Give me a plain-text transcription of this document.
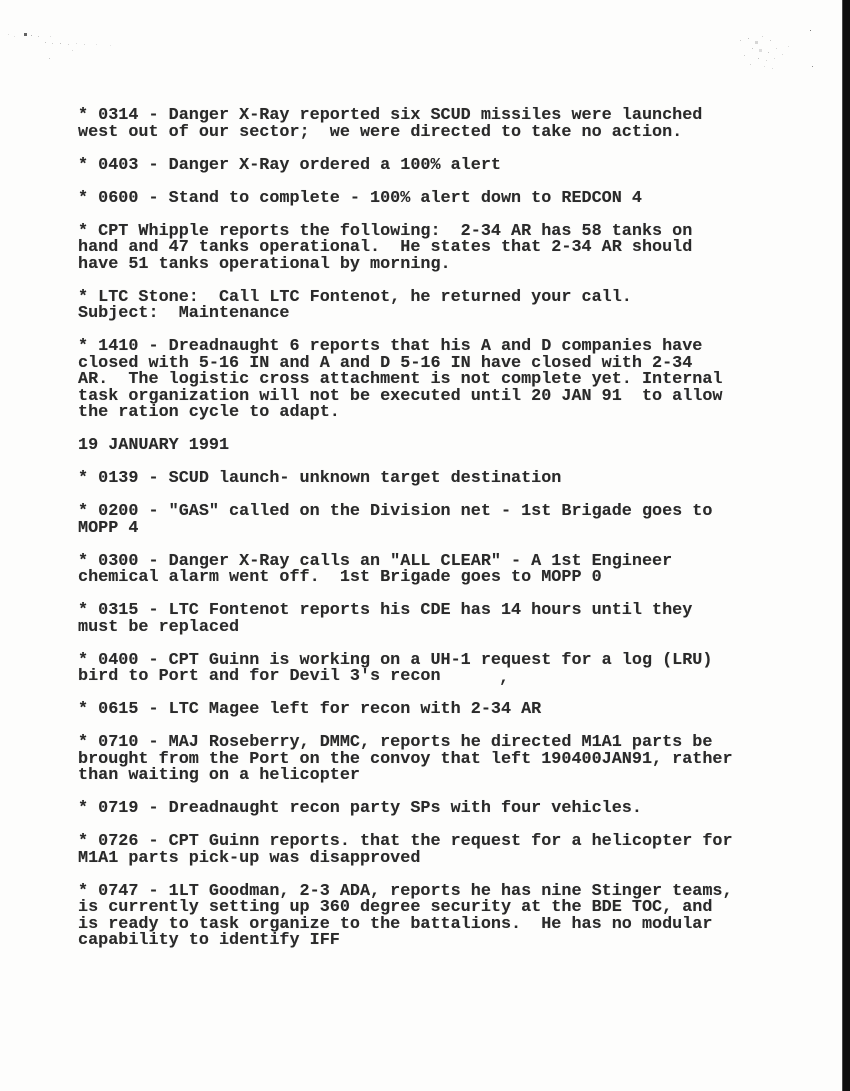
* 0314 - Danger X-Ray reported six SCUD missiles were launched
west out of our sector;  we were directed to take no action.
* 0403 - Danger X-Ray ordered a 100% alert
* 0600 - Stand to complete - 100% alert down to REDCON 4
* CPT Whipple reports the following:  2-34 AR has 58 tanks on
hand and 47 tanks operational.  He states that 2-34 AR should
have 51 tanks operational by morning.
* LTC Stone:  Call LTC Fontenot, he returned your call.
Subject:  Maintenance
* 1410 - Dreadnaught 6 reports that his A and D companies have
closed with 5-16 IN and A and D 5-16 IN have closed with 2-34
AR.  The logistic cross attachment is not complete yet. Internal
task organization will not be executed until 20 JAN 91  to allow
the ration cycle to adapt.
19 JANUARY 1991
* 0139 - SCUD launch- unknown target destination
* 0200 - "GAS" called on the Division net - 1st Brigade goes to
MOPP 4
* 0300 - Danger X-Ray calls an "ALL CLEAR" - A 1st Engineer
chemical alarm went off.  1st Brigade goes to MOPP 0
* 0315 - LTC Fontenot reports his CDE has 14 hours until they
must be replaced
* 0400 - CPT Guinn is working on a UH-1 request for a log (LRU)
bird to Port and for Devil 3's recon
* 0615 - LTC Magee left for recon with 2-34 AR
* 0710 - MAJ Roseberry, DMMC, reports he directed M1A1 parts be
brought from the Port on the convoy that left 190400JAN91, rather
than waiting on a helicopter
* 0719 - Dreadnaught recon party SPs with four vehicles.
* 0726 - CPT Guinn reports. that the request for a helicopter for
M1A1 parts pick-up was disapproved
* 0747 - 1LT Goodman, 2-3 ADA, reports he has nine Stinger teams,
is currently setting up 360 degree security at the BDE TOC, and
is ready to task organize to the battalions.  He has no modular
capability to identify IFF
,
